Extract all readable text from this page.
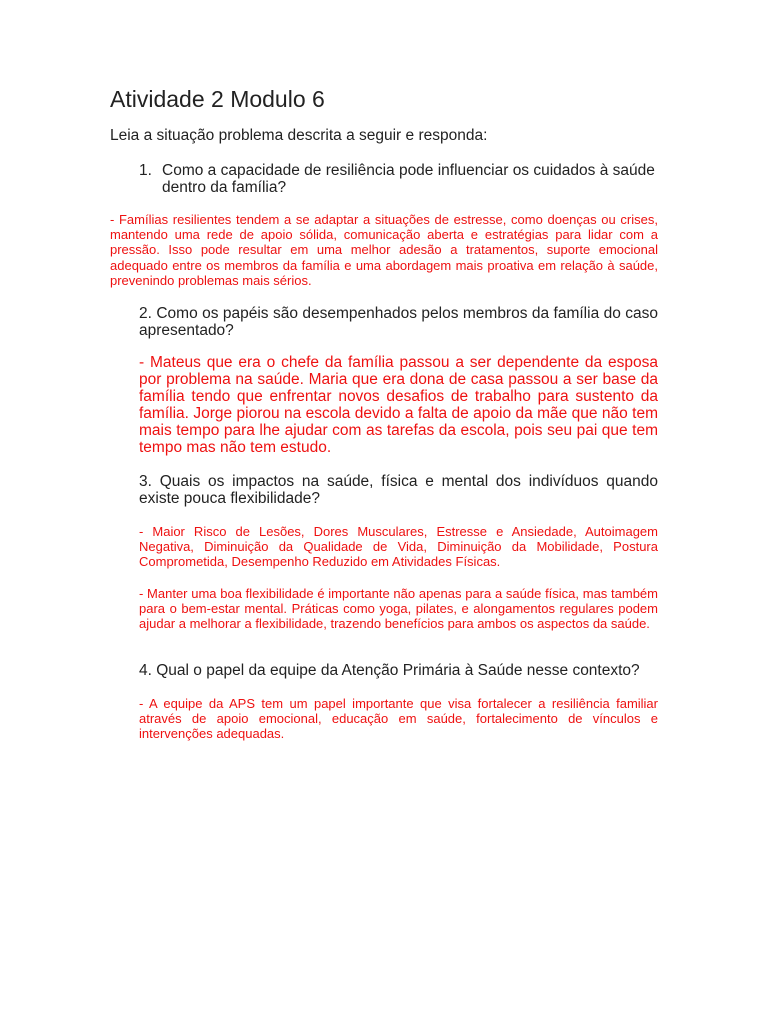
Atividade 2 Modulo 6

Leia a situação problema descrita a seguir e responda:

1. Como a capacidade de resiliência pode influenciar os cuidados à saúde dentro da família?
- Famílias resilientes tendem a se adaptar a situações de estresse, como doenças ou crises, mantendo uma rede de apoio sólida, comunicação aberta e estratégias para lidar com a pressão. Isso pode resultar em uma melhor adesão a tratamentos, suporte emocional adequado entre os membros da família e uma abordagem mais proativa em relação à saúde, prevenindo problemas mais sérios.

2. Como os papéis são desempenhados pelos membros da família do caso apresentado?

- Mateus que era o chefe da família passou a ser dependente da esposa por problema na saúde. Maria que era dona de casa passou a ser base da família tendo que enfrentar novos desafios de trabalho para sustento da família. Jorge piorou na escola devido a falta de apoio da mãe que não tem mais tempo para lhe ajudar com as tarefas da escola, pois seu pai que tem tempo mas não tem estudo.

3. Quais os impactos na saúde, física e mental dos indivíduos quando existe pouca flexibilidade?

- Maior Risco de Lesões, Dores Musculares, Estresse e Ansiedade, Autoimagem Negativa, Diminuição da Qualidade de Vida, Diminuição da Mobilidade, Postura Comprometida, Desempenho Reduzido em Atividades Físicas.
- Manter uma boa flexibilidade é importante não apenas para a saúde física, mas também para o bem-estar mental. Práticas como yoga, pilates, e alongamentos regulares podem ajudar a melhorar a flexibilidade, trazendo benefícios para ambos os aspectos da saúde.

4. Qual o papel da equipe da Atenção Primária à Saúde nesse contexto?

- A equipe da APS tem um papel importante que visa fortalecer a resiliência familiar através de apoio emocional, educação em saúde, fortalecimento de vínculos e intervenções adequadas.
